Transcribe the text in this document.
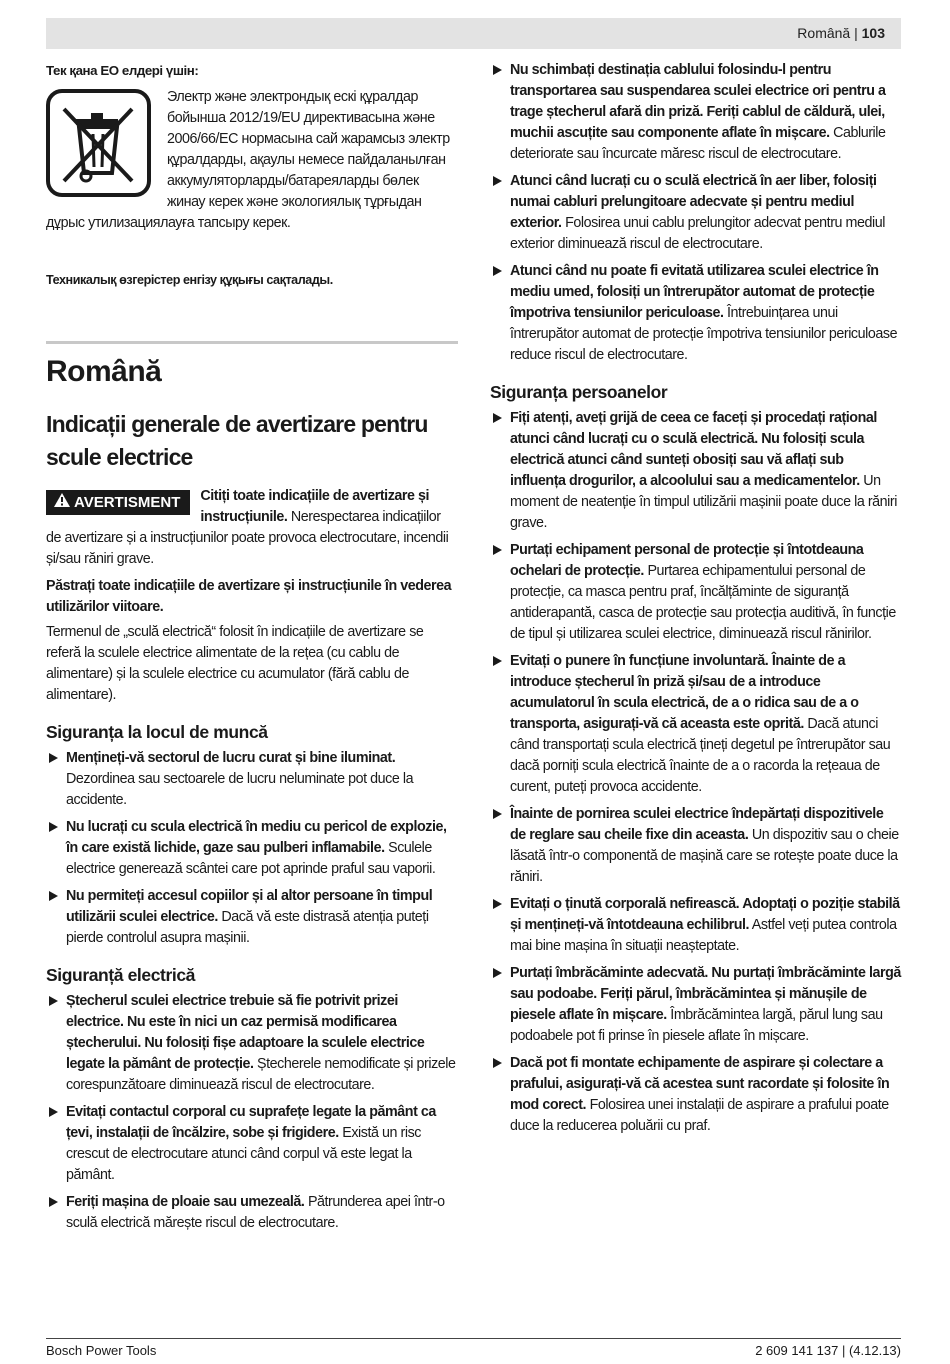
Română | 103
Тек қана ЕО елдері үшін:
Электр және электрондық ескі құралдар бойынша 2012/19/EU директивасына және 2006/66/EC нормасына сай жарамсыз электр құралдарды, ақаулы немесе пайдаланылған аккумуляторларды/батареяларды бөлек жинау керек және экологиялық тұрғыдан дұрыс утилизациялауға тапсыру керек.
Техникалық өзгерістер енгізу құқығы сақталады.
Română
Indicații generale de avertizare pentru scule electrice
AVERTISMENT	Citiți toate indicațiile de avertizare și instrucțiunile. Nerespectarea indicațiilor de avertizare și a instrucțiunilor poate provoca electrocutare, incendii și/sau răniri grave.
Păstrați toate indicațiile de avertizare și instrucțiunile în vederea utilizărilor viitoare.
Termenul de „sculă electrică“ folosit în indicațiile de avertizare se referă la sculele electrice alimentate de la rețea (cu cablu de alimentare) și la sculele electrice cu acumulator (fără cablu de alimentare).
Siguranța la locul de muncă
Mențineți-vă sectorul de lucru curat și bine iluminat. Dezordinea sau sectoarele de lucru neluminate pot duce la accidente.
Nu lucrați cu scula electrică în mediu cu pericol de explozie, în care există lichide, gaze sau pulberi inflamabile. Sculele electrice generează scântei care pot aprinde praful sau vaporii.
Nu permiteți accesul copiilor și al altor persoane în timpul utilizării sculei electrice. Dacă vă este distrasă atenția puteți pierde controlul asupra mașinii.
Siguranță electrică
Ștecherul sculei electrice trebuie să fie potrivit prizei electrice. Nu este în nici un caz permisă modificarea ștecherului. Nu folosiți fișe adaptoare la sculele electrice legate la pământ de protecție. Ștecherele nemodificate și prizele corespunzătoare diminuează riscul de electrocutare.
Evitați contactul corporal cu suprafețe legate la pământ ca țevi, instalații de încălzire, sobe și frigidere. Există un risc crescut de electrocutare atunci când corpul vă este legat la pământ.
Feriți mașina de ploaie sau umezeală. Pătrunderea apei într-o sculă electrică mărește riscul de electrocutare.
Nu schimbați destinația cablului folosindu-l pentru transportarea sau suspendarea sculei electrice ori pentru a trage ștecherul afară din priză. Feriți cablul de căldură, ulei, muchii ascuțite sau componente aflate în mișcare. Cablurile deteriorate sau încurcate măresc riscul de electrocutare.
Atunci când lucrați cu o sculă electrică în aer liber, folosiți numai cabluri prelungitoare adecvate și pentru mediul exterior. Folosirea unui cablu prelungitor adecvat pentru mediul exterior diminuează riscul de electrocutare.
Atunci când nu poate fi evitată utilizarea sculei electrice în mediu umed, folosiți un întrerupător automat de protecție împotriva tensiunilor periculoase. Întrebuințarea unui întrerupător automat de protecție împotriva tensiunilor periculoase reduce riscul de electrocutare.
Siguranța persoanelor
Fiți atenți, aveți grijă de ceea ce faceți și procedați rațional atunci când lucrați cu o sculă electrică. Nu folosiți scula electrică atunci când sunteți obosiți sau vă aflați sub influența drogurilor, a alcoolului sau a medicamentelor. Un moment de neatenție în timpul utilizării mașinii poate duce la răniri grave.
Purtați echipament personal de protecție și întotdeauna ochelari de protecție. Purtarea echipamentului personal de protecție, ca masca pentru praf, încălțăminte de siguranță antiderapantă, casca de protecție sau protecția auditivă, în funcție de tipul și utilizarea sculei electrice, diminuează riscul rănirilor.
Evitați o punere în funcțiune involuntară. Înainte de a introduce ștecherul în priză și/sau de a introduce acumulatorul în scula electrică, de a o ridica sau de a o transporta, asigurați-vă că aceasta este oprită. Dacă atunci când transportați scula electrică țineți degetul pe întrerupător sau dacă porniți scula electrică înainte de a o racorda la rețeaua de curent, puteți provoca accidente.
Înainte de pornirea sculei electrice îndepărtați dispozitivele de reglare sau cheile fixe din aceasta. Un dispozitiv sau o cheie lăsată într-o componentă de mașină care se rotește poate duce la răniri.
Evitați o ținută corporală nefirească. Adoptați o poziție stabilă și mențineți-vă întotdeauna echilibrul. Astfel veți putea controla mai bine mașina în situații neașteptate.
Purtați îmbrăcăminte adecvată. Nu purtați îmbrăcăminte largă sau podoabe. Feriți părul, îmbrăcămintea și mănușile de piesele aflate în mișcare. Îmbrăcămintea largă, părul lung sau podoabele pot fi prinse în piesele aflate în mișcare.
Dacă pot fi montate echipamente de aspirare și colectare a prafului, asigurați-vă că acestea sunt racordate și folosite în mod corect. Folosirea unei instalații de aspirare a prafului poate duce la reducerea poluării cu praf.
Bosch Power Tools	2 609 141 137 | (4.12.13)
